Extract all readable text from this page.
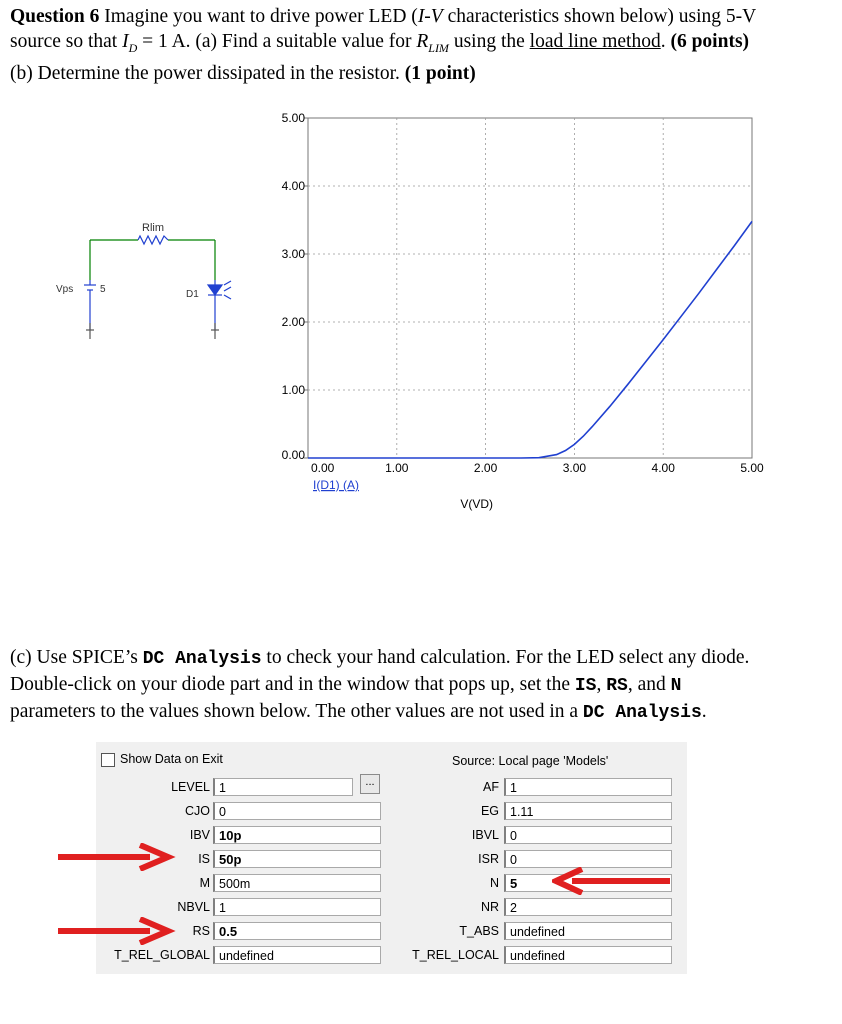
Question 6 Imagine you want to drive power LED (I-V characteristics shown below) using 5-V
source so that $I_D = 1$ A. (a) Find a suitable value for $R_{LIM}$ using the load line method. (6 points)
(b) Determine the power dissipated in the resistor. (1 point)
Rlim
Vps	5	D1
0.00	1.00	2.00	3.00	4.00	5.00
0.00
1.00
2.00
3.00
4.00
5.00
I(D1) (A)
V(VD)
(c) Use SPICE’s DC Analysis to check your hand calculation. For the LED select any diode.
Double-click on your diode part and in the window that pops up, set the IS, RS, and N
parameters to the values shown below. The other values are not used in a DC Analysis.
Show Data on Exit	Source: Local page 'Models'
...
LEVEL 1
CJO 0
IBV 10p
IS 50p
M 500m
NBVL 1
RS 0.5
T_REL_GLOBAL undefined
AF 1
EG 1.11
IBVL 0
ISR 0
N 5
NR 2
T_ABS undefined
T_REL_LOCAL undefined
